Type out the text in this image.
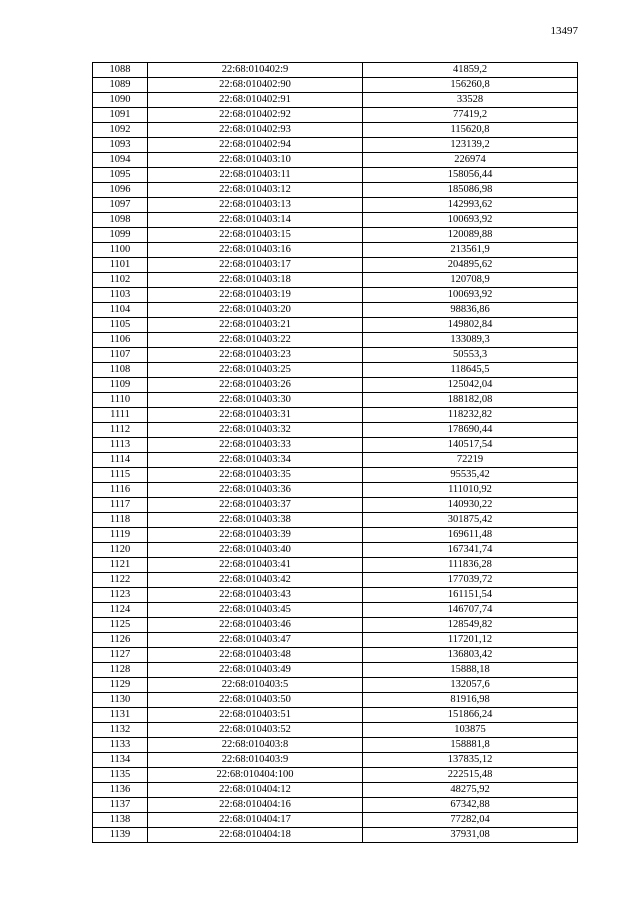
13497
1088	22:68:010402:9	41859,2
1089	22:68:010402:90	156260,8
1090	22:68:010402:91	33528
1091	22:68:010402:92	77419,2
1092	22:68:010402:93	115620,8
1093	22:68:010402:94	123139,2
1094	22:68:010403:10	226974
1095	22:68:010403:11	158056,44
1096	22:68:010403:12	185086,98
1097	22:68:010403:13	142993,62
1098	22:68:010403:14	100693,92
1099	22:68:010403:15	120089,88
1100	22:68:010403:16	213561,9
1101	22:68:010403:17	204895,62
1102	22:68:010403:18	120708,9
1103	22:68:010403:19	100693,92
1104	22:68:010403:20	98836,86
1105	22:68:010403:21	149802,84
1106	22:68:010403:22	133089,3
1107	22:68:010403:23	50553,3
1108	22:68:010403:25	118645,5
1109	22:68:010403:26	125042,04
1110	22:68:010403:30	188182,08
1111	22:68:010403:31	118232,82
1112	22:68:010403:32	178690,44
1113	22:68:010403:33	140517,54
1114	22:68:010403:34	72219
1115	22:68:010403:35	95535,42
1116	22:68:010403:36	111010,92
1117	22:68:010403:37	140930,22
1118	22:68:010403:38	301875,42
1119	22:68:010403:39	169611,48
1120	22:68:010403:40	167341,74
1121	22:68:010403:41	111836,28
1122	22:68:010403:42	177039,72
1123	22:68:010403:43	161151,54
1124	22:68:010403:45	146707,74
1125	22:68:010403:46	128549,82
1126	22:68:010403:47	117201,12
1127	22:68:010403:48	136803,42
1128	22:68:010403:49	15888,18
1129	22:68:010403:5	132057,6
1130	22:68:010403:50	81916,98
1131	22:68:010403:51	151866,24
1132	22:68:010403:52	103875
1133	22:68:010403:8	158881,8
1134	22:68:010403:9	137835,12
1135	22:68:010404:100	222515,48
1136	22:68:010404:12	48275,92
1137	22:68:010404:16	67342,88
1138	22:68:010404:17	77282,04
1139	22:68:010404:18	37931,08
